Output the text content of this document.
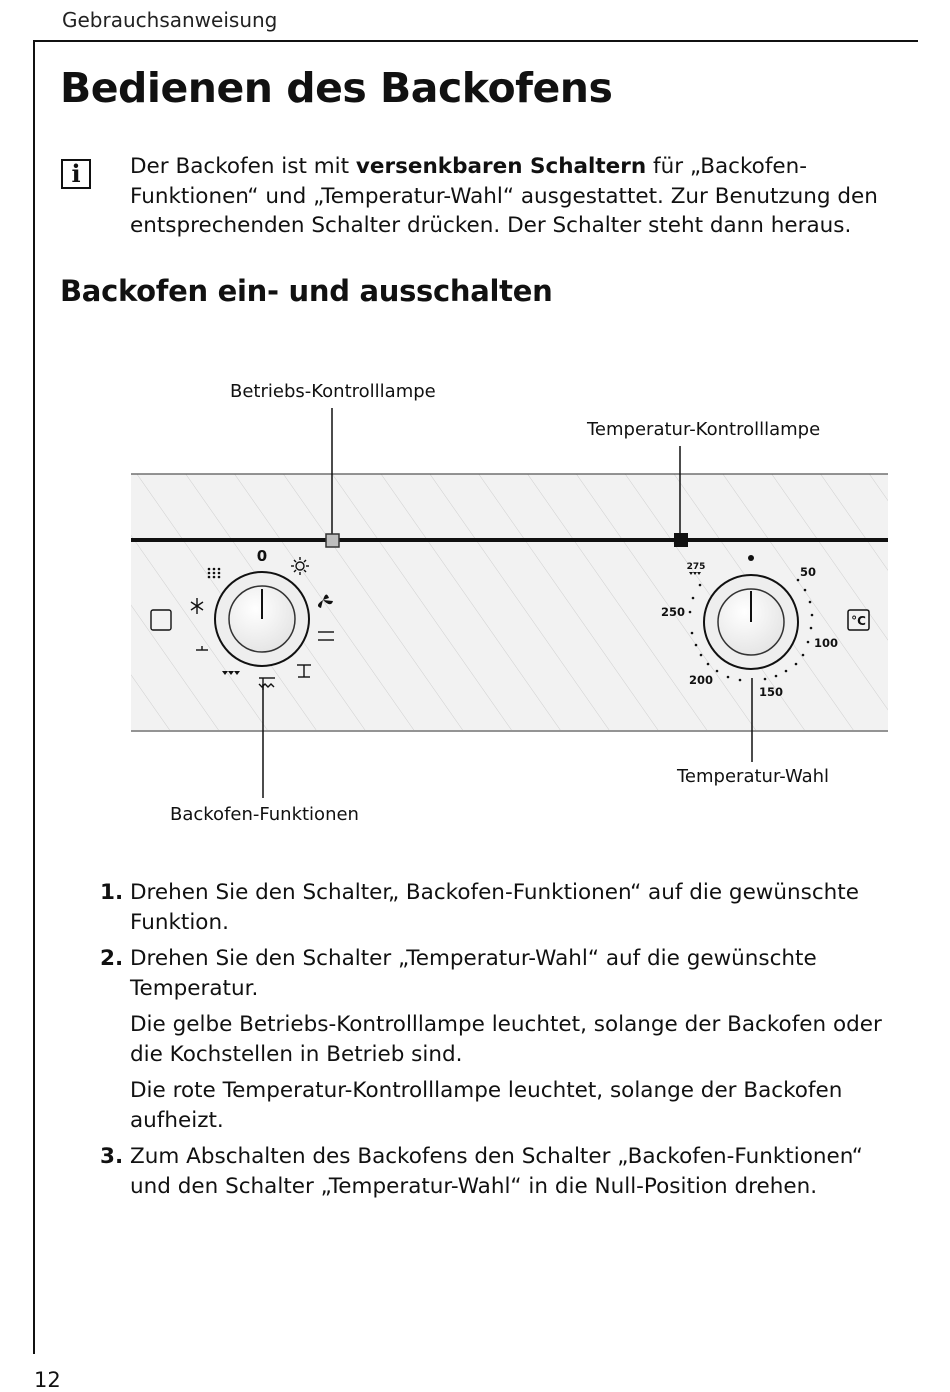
Gebrauchsanweisung
Bedienen des Backofens
i	Der Backofen ist mit versenkbaren Schaltern für „Backofen-Funktionen“ und „Temperatur-Wahl“ ausgestattet. Zur Benutzung den entsprechenden Schalter drücken. Der Schalter steht dann heraus.
Backofen ein- und ausschalten
0
50
100
150
200
250
275
°C
Betriebs-Kontrolllampe
Temperatur-Kontrolllampe
Backofen-Funktionen
Temperatur-Wahl
1. Drehen Sie den Schalter„ Backofen-Funktionen“ auf die gewünschte Funktion.

2. Drehen Sie den Schalter „Temperatur-Wahl“ auf die gewünschte Temperatur.

Die gelbe Betriebs-Kontrolllampe leuchtet, solange der Backofen oder die Kochstellen in Betrieb sind.

Die rote Temperatur-Kontrolllampe leuchtet, solange der Backofen aufheizt.

3. Zum Abschalten des Backofens den Schalter „Backofen-Funktionen“ und den Schalter „Temperatur-Wahl“ in die Null-Position drehen.

12
